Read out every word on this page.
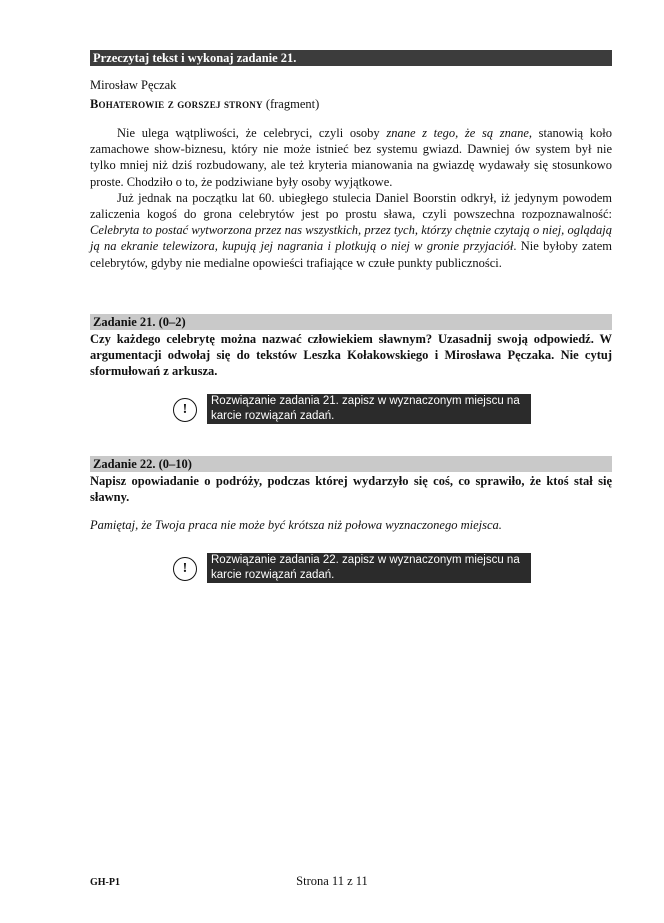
Przeczytaj tekst i wykonaj zadanie 21.
Mirosław Pęczak
Bohaterowie z gorszej strony (fragment)

Nie ulega wątpliwości, że celebryci, czyli osoby znane z tego, że są znane, stanowią koło zamachowe show-biznesu, który nie może istnieć bez systemu gwiazd. Dawniej ów system był nie tylko mniej niż dziś rozbudowany, ale też kryteria mianowania na gwiazdę wydawały się stosunkowo proste. Chodziło o to, że podziwiane były osoby wyjątkowe.

Już jednak na początku lat 60. ubiegłego stulecia Daniel Boorstin odkrył, iż jedynym powodem zaliczenia kogoś do grona celebrytów jest po prostu sława, czyli powszechna rozpoznawalność: Celebryta to postać wytworzona przez nas wszystkich, przez tych, którzy chętnie czytają o niej, oglądają ją na ekranie telewizora, kupują jej nagrania i plotkują o niej w gronie przyjaciół. Nie byłoby zatem celebrytów, gdyby nie medialne opowieści trafiające w czułe punkty publiczności.

Zadanie 21. (0–2)
Czy każdego celebrytę można nazwać człowiekiem sławnym? Uzasadnij swoją odpowiedź. W argumentacji odwołaj się do tekstów Leszka Kołakowskiego i Mirosława Pęczaka. Nie cytuj sformułowań z arkusza.
!
Rozwiązanie zadania 21. zapisz w wyznaczonym miejscu na karcie rozwiązań zadań.
Zadanie 22. (0–10)
Napisz opowiadanie o podróży, podczas której wydarzyło się coś, co sprawiło, że ktoś stał się sławny.
Pamiętaj, że Twoja praca nie może być krótsza niż połowa wyznaczonego miejsca.
!
Rozwiązanie zadania 22. zapisz w wyznaczonym miejscu na karcie rozwiązań zadań.
GH-P1	Strona 11 z 11
